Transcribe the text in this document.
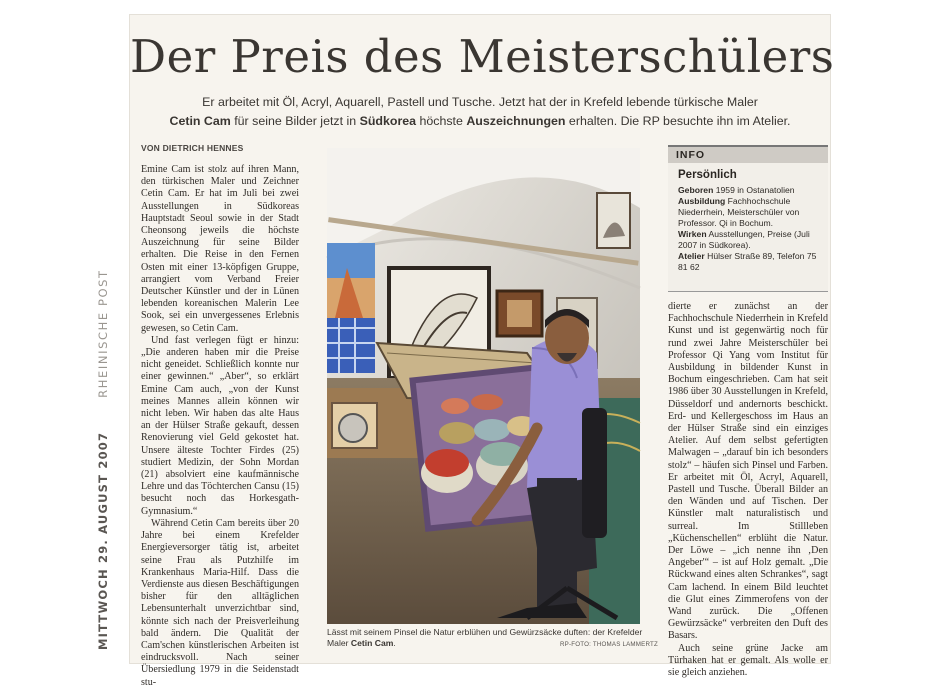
MITTWOCH 29. AUGUST 2007RHEINISCHE POST
Der Preis des Meisterschülers
Er arbeitet mit Öl, Acryl, Aquarell, Pastell und Tusche. Jetzt hat der in Krefeld lebende türkische Maler
Cetin Cam für seine Bilder jetzt in Südkorea höchste Auszeichnungen erhalten. Die RP besuchte ihn im Atelier.
VON DIETRICH HENNES

Emine Cam ist stolz auf ihren Mann, den türkischen Maler und Zeichner Cetin Cam. Er hat im Juli bei zwei Ausstellungen in Südkoreas Hauptstadt Seoul sowie in der Stadt Cheonsong jeweils die höchste Auszeichnung für seine Bilder erhalten. Die Reise in den Fernen Osten mit einer 13-köpfigen Gruppe, arrangiert vom Verband Freier Deutscher Künstler und der in Lünen lebenden koreanischen Malerin Lee Sook, sei ein unvergessenes Erlebnis gewesen, so Cetin Cam.

Und fast verlegen fügt er hinzu: „Die anderen haben mir die Preise nicht geneidet. Schließlich konnte nur einer gewinnen.“ „Aber“, so erklärt Emine Cam auch, „von der Kunst meines Mannes allein können wir nicht leben. Wir haben das alte Haus an der Hülser Straße gekauft, dessen Renovierung viel Geld gekostet hat. Unsere älteste Tochter Firdes (25) studiert Medizin, der Sohn Mordan (21) absolviert eine kaufmännische Lehre und das Töchterchen Cansu (15) besucht noch das Horkesgath-Gymnasium.“

Während Cetin Cam bereits über 20 Jahre bei einem Krefelder Energieversorger tätig ist, arbeitet seine Frau als Putzhilfe im Krankenhaus Maria-Hilf. Dass die Verdienste aus diesen Beschäftigungen bisher für den alltäglichen Lebensunterhalt unverzichtbar sind, könnte sich nach der Preisverleihung bald ändern. Die Qualität der Cam'schen künstlerischen Arbeiten ist eindrucksvoll. Nach seiner Übersiedlung 1979 in die Seidenstadt stu-

Lässt mit seinem Pinsel die Natur erblühen und Gewürzsäcke duften: der Krefelder Maler Cetin Cam.	RP-FOTO: THOMAS LAMMERTZ
INFO
Persönlich
Geboren 1959 in Ostanatolien
Ausbildung Fachhochschule Niederrhein, Meisterschüler von Professor. Qi in Bochum.
Wirken Ausstellungen, Preise (Juli 2007 in Südkorea).
Atelier Hülser Straße 89, Telefon 75 81 62

dierte er zunächst an der Fachhochschule Niederrhein in Krefeld Kunst und ist gegenwärtig noch für rund zwei Jahre Meisterschüler bei Professor Qi Yang vom Institut für Ausbildung in bildender Kunst in Bochum eingeschrieben. Cam hat seit 1986 über 30 Ausstellungen in Krefeld, Düsseldorf und andernorts beschickt. Erd- und Kellergeschoss im Haus an der Hülser Straße sind ein einziges Atelier. Auf dem selbst gefertigten Malwagen – „darauf bin ich besonders stolz“ – häufen sich Pinsel und Farben. Er arbeitet mit Öl, Acryl, Aquarell, Pastell und Tusche. Überall Bilder an den Wänden und auf Tischen. Der Künstler malt naturalistisch und surreal. Im Stillleben „Küchenschellen“ erblüht die Natur. Der Löwe – „ich nenne ihn ‚Den Angeber'“ – ist auf Holz gemalt. „Die Rückwand eines alten Schrankes“, sagt Cam lachend. In einem Bild leuchtet die Glut eines Zimmerofens von der Wand zurück. Die „Offenen Gewürzsäcke“ verbreiten den Duft des Basars.

Auch seine grüne Jacke am Türhaken hat er gemalt. Als wolle er sie gleich anziehen.
